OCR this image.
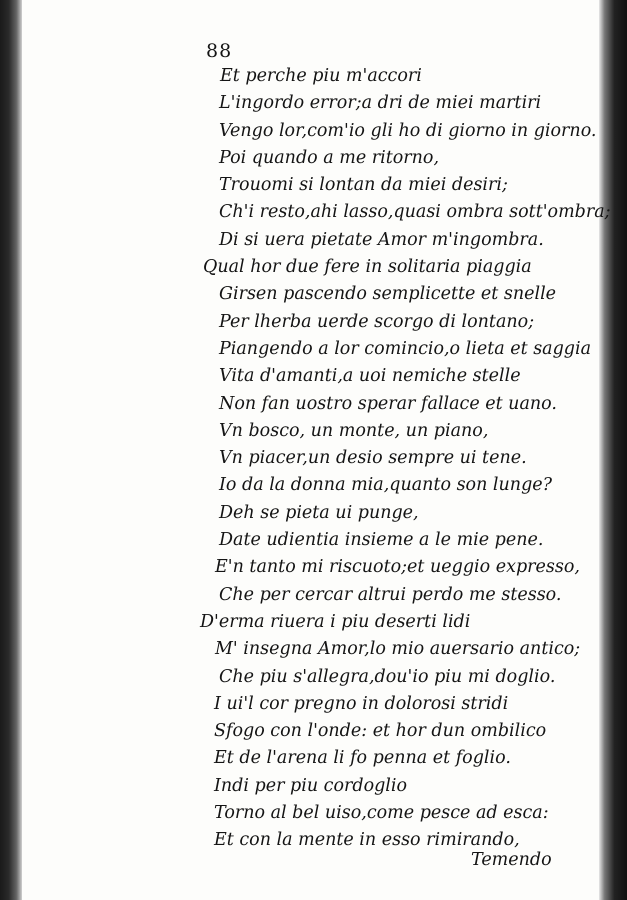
88
Et perche piu m'accori
L'ingordo error;a dri de miei martiri
Vengo lor,com'io gli ho di giorno in giorno.
Poi quando a me ritorno,
Trouomi si lontan da miei desiri;
Ch'i resto,ahi lasso,quasi ombra sott'ombra;
Di si uera pietate Amor m'ingombra.
Qual hor due fere in solitaria piaggia
Girsen pascendo semplicette et snelle
Per lherba uerde scorgo di lontano;
Piangendo a lor comincio,o lieta et saggia
Vita d'amanti,a uoi nemiche stelle
Non fan uostro sperar fallace et uano.
Vn bosco, un monte, un piano,
Vn piacer,un desio sempre ui tene.
Io da la donna mia,quanto son lunge?
Deh se pieta ui punge,
Date udientia insieme a le mie pene.
E'n tanto mi riscuoto;et ueggio expresso,
Che per cercar altrui perdo me stesso.
D'erma riuera i piu deserti lidi
M' insegna Amor,lo mio auersario antico;
Che piu s'allegra,dou'io piu mi doglio.
I ui'l cor pregno in dolorosi stridi
Sfogo con l'onde: et hor dun ombilico
Et de l'arena li fo penna et foglio.
Indi per piu cordoglio
Torno al bel uiso,come pesce ad esca:
Et con la mente in esso rimirando,
Temendo
